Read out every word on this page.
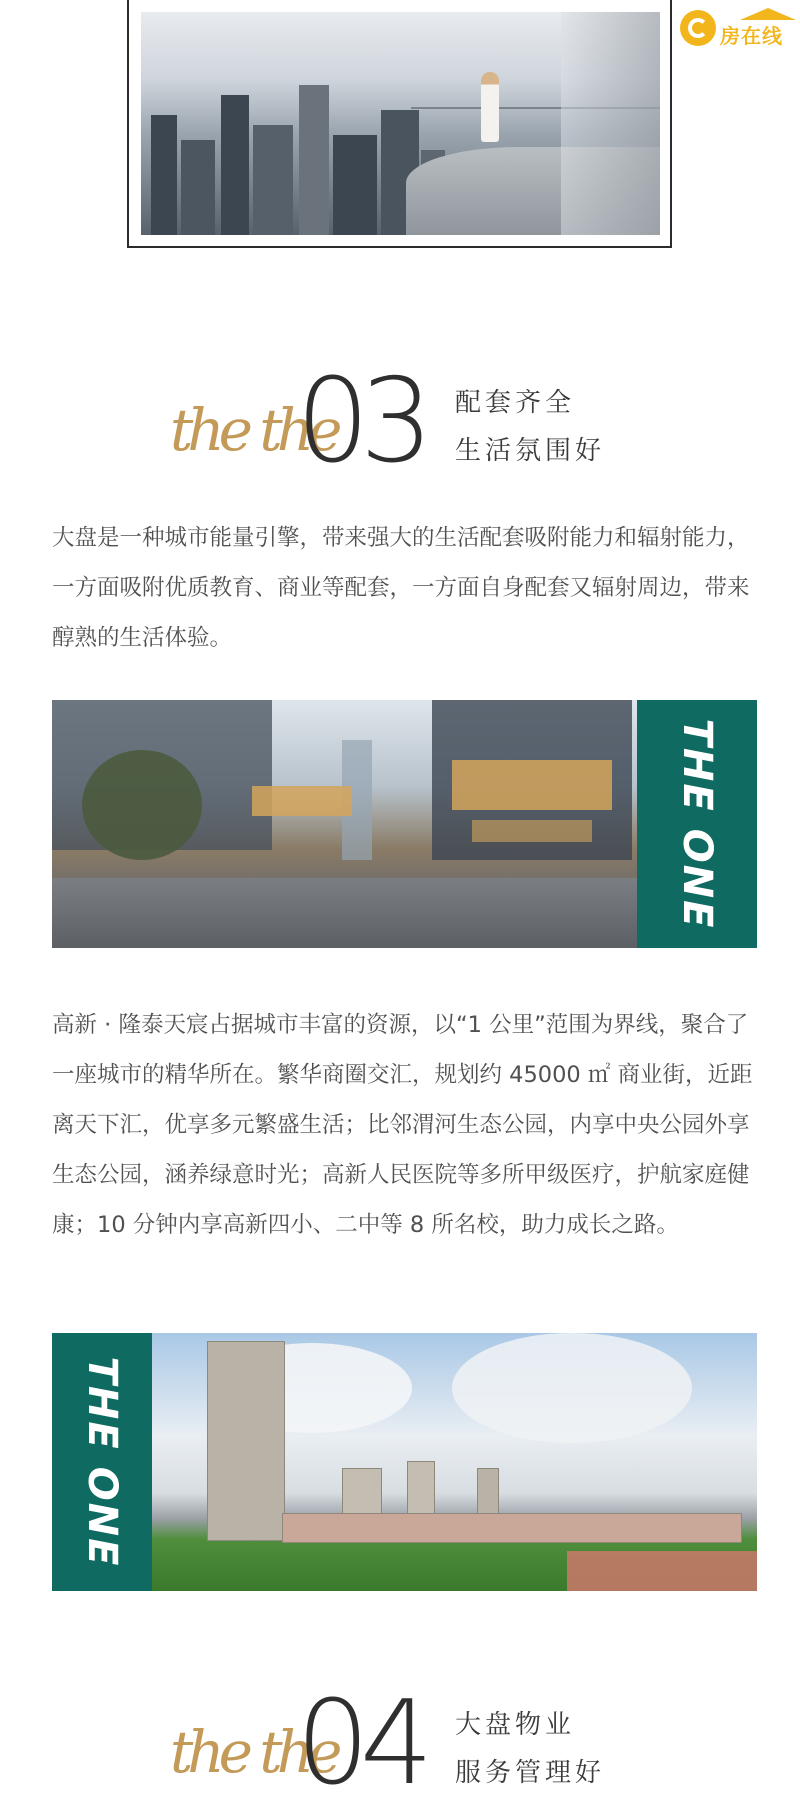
房在线
the the
03 配套齐全
生活氛围好
大盘是一种城市能量引擎，带来强大的生活配套吸附能力和辐射能力，一方面吸附优质教育、商业等配套，一方面自身配套又辐射周边，带来醇熟的生活体验。
THE ONE
高新 · 隆泰天宸占据城市丰富的资源，以“1 公里”范围为界线，聚合了一座城市的精华所在。繁华商圈交汇，规划约 45000 ㎡ 商业街，近距离天下汇，优享多元繁盛生活；比邻渭河生态公园，内享中央公园外享生态公园，涵养绿意时光；高新人民医院等多所甲级医疗，护航家庭健康；10 分钟内享高新四小、二中等 8 所名校，助力成长之路。
THE ONE
the the
04 大盘物业
服务管理好
